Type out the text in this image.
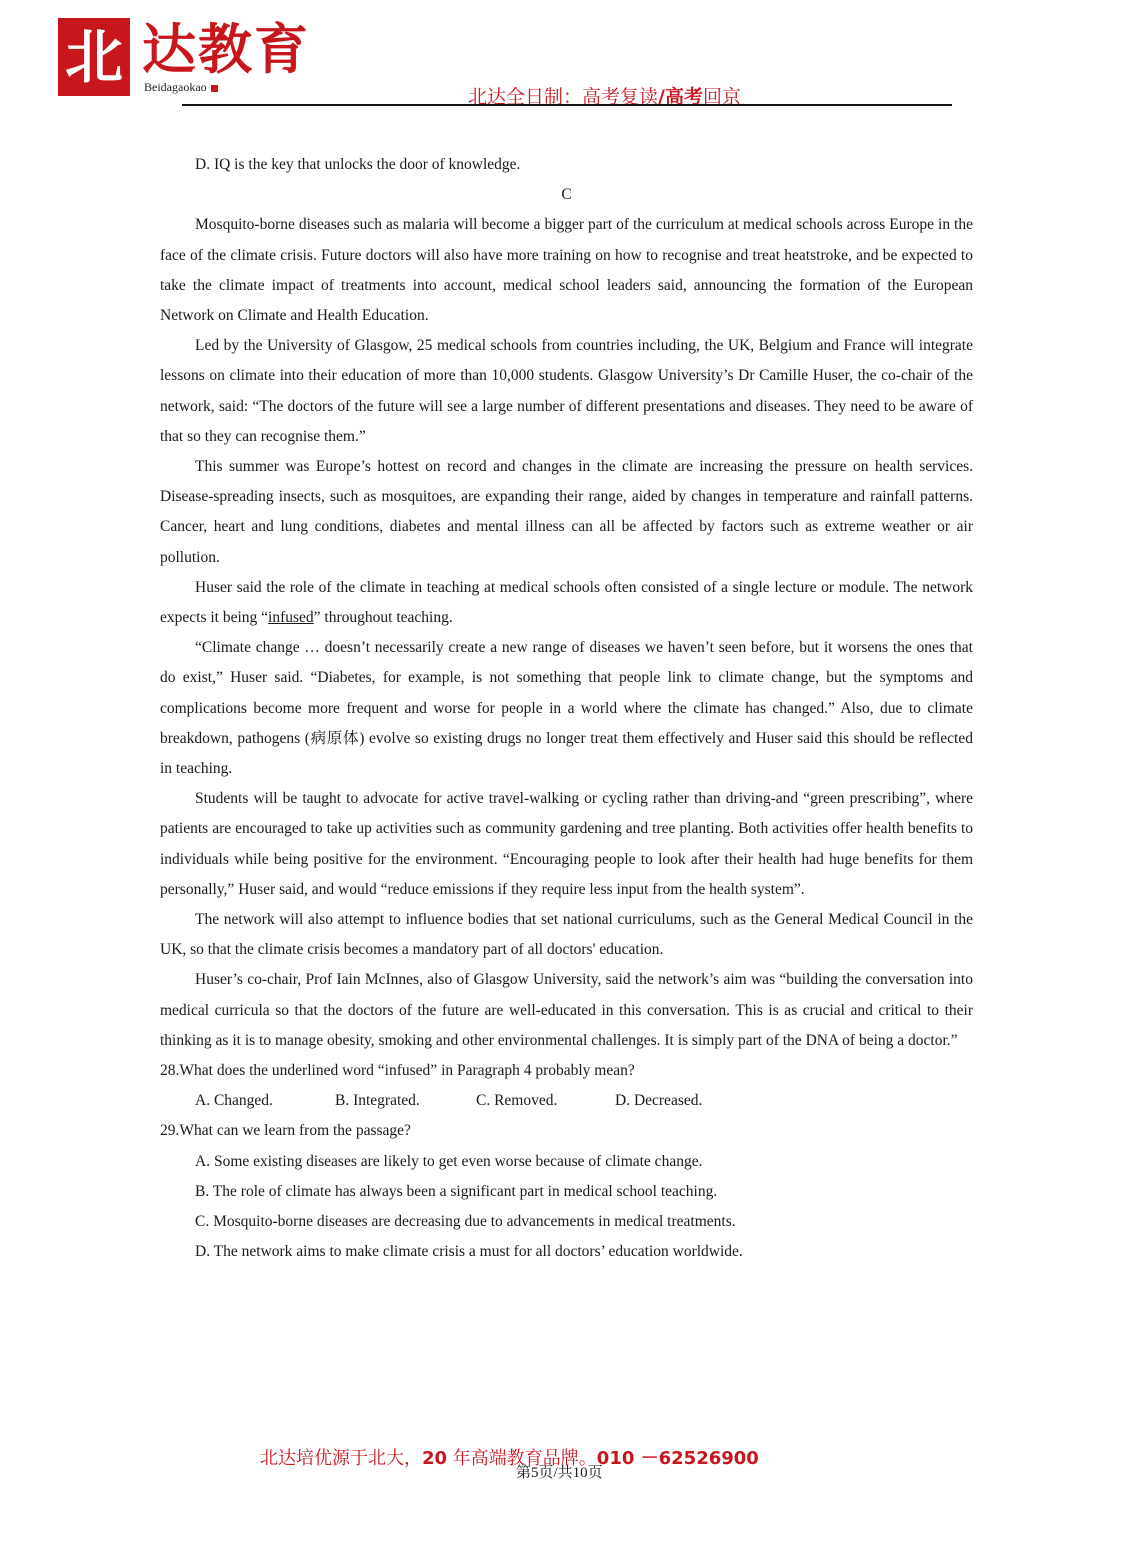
北 达教育
Beidagaokao	北达全日制：高考复读/高考回京
D. IQ is the key that unlocks the door of knowledge.
C

Mosquito-borne diseases such as malaria will become a bigger part of the curriculum at medical schools across Europe in the face of the climate crisis. Future doctors will also have more training on how to recognise and treat heatstroke, and be expected to take the climate impact of treatments into account, medical school leaders said, announcing the formation of the European Network on Climate and Health Education.

Led by the University of Glasgow, 25 medical schools from countries including, the UK, Belgium and France will integrate lessons on climate into their education of more than 10,000 students. Glasgow University’s Dr Camille Huser, the co-chair of the network, said: “The doctors of the future will see a large number of different presentations and diseases. They need to be aware of that so they can recognise them.”

This summer was Europe’s hottest on record and changes in the climate are increasing the pressure on health services. Disease-spreading insects, such as mosquitoes, are expanding their range, aided by changes in temperature and rainfall patterns. Cancer, heart and lung conditions, diabetes and mental illness can all be affected by factors such as extreme weather or air pollution.

Huser said the role of the climate in teaching at medical schools often consisted of a single lecture or module. The network expects it being “infused” throughout teaching.

“Climate change … doesn’t necessarily create a new range of diseases we haven’t seen before, but it worsens the ones that do exist,” Huser said. “Diabetes, for example, is not something that people link to climate change, but the symptoms and complications become more frequent and worse for people in a world where the climate has changed.” Also, due to climate breakdown, pathogens (病原体) evolve so existing drugs no longer treat them effectively and Huser said this should be reflected in teaching.

Students will be taught to advocate for active travel-walking or cycling rather than driving-and “green prescribing”, where patients are encouraged to take up activities such as community gardening and tree planting. Both activities offer health benefits to individuals while being positive for the environment. “Encouraging people to look after their health had huge benefits for them personally,” Huser said, and would “reduce emissions if they require less input from the health system”.

The network will also attempt to influence bodies that set national curriculums, such as the General Medical Council in the UK, so that the climate crisis becomes a mandatory part of all doctors' education.

Huser’s co-chair, Prof Iain McInnes, also of Glasgow University, said the network’s aim was “building the conversation into medical curricula so that the doctors of the future are well-educated in this conversation. This is as crucial and critical to their thinking as it is to manage obesity, smoking and other environmental challenges. It is simply part of the DNA of being a doctor.”

28.What does the underlined word “infused” in Paragraph 4 probably mean?
A. Changed.	B. Integrated.	C. Removed.	D. Decreased.
29.What can we learn from the passage?
A. Some existing diseases are likely to get even worse because of climate change.
B. The role of climate has always been a significant part in medical school teaching.
C. Mosquito-borne diseases are decreasing due to advancements in medical treatments.
D. The network aims to make climate crisis a must for all doctors’ education worldwide.
北达培优源于北大，20 年高端教育品牌。010 －62526900
第5页/共10页
